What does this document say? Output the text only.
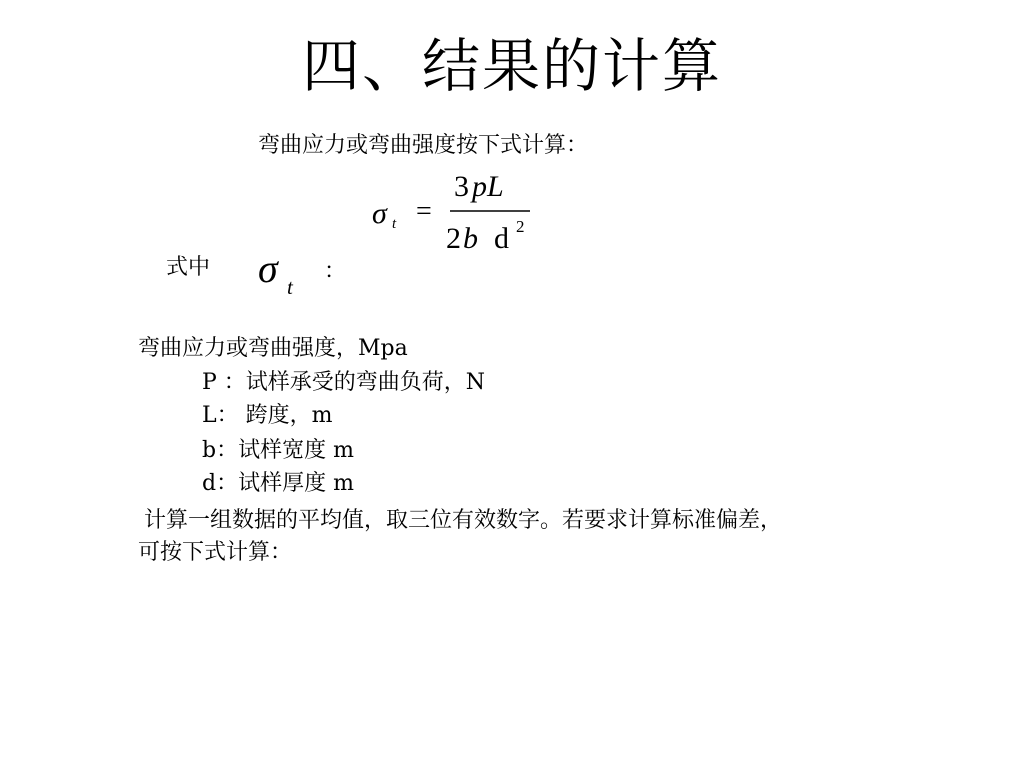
四、结果的计算
弯曲应力或弯曲强度按下式计算：
σ t =
3 pL
2 b d 2
式中 σ t
：
弯曲应力或弯曲强度，Mpa
P ：试样承受的弯曲负荷，N
L： 跨度，m
b：试样宽度 m
d：试样厚度 m
计算一组数据的平均值，取三位有效数字。若要求计算标准偏差，
可按下式计算：
